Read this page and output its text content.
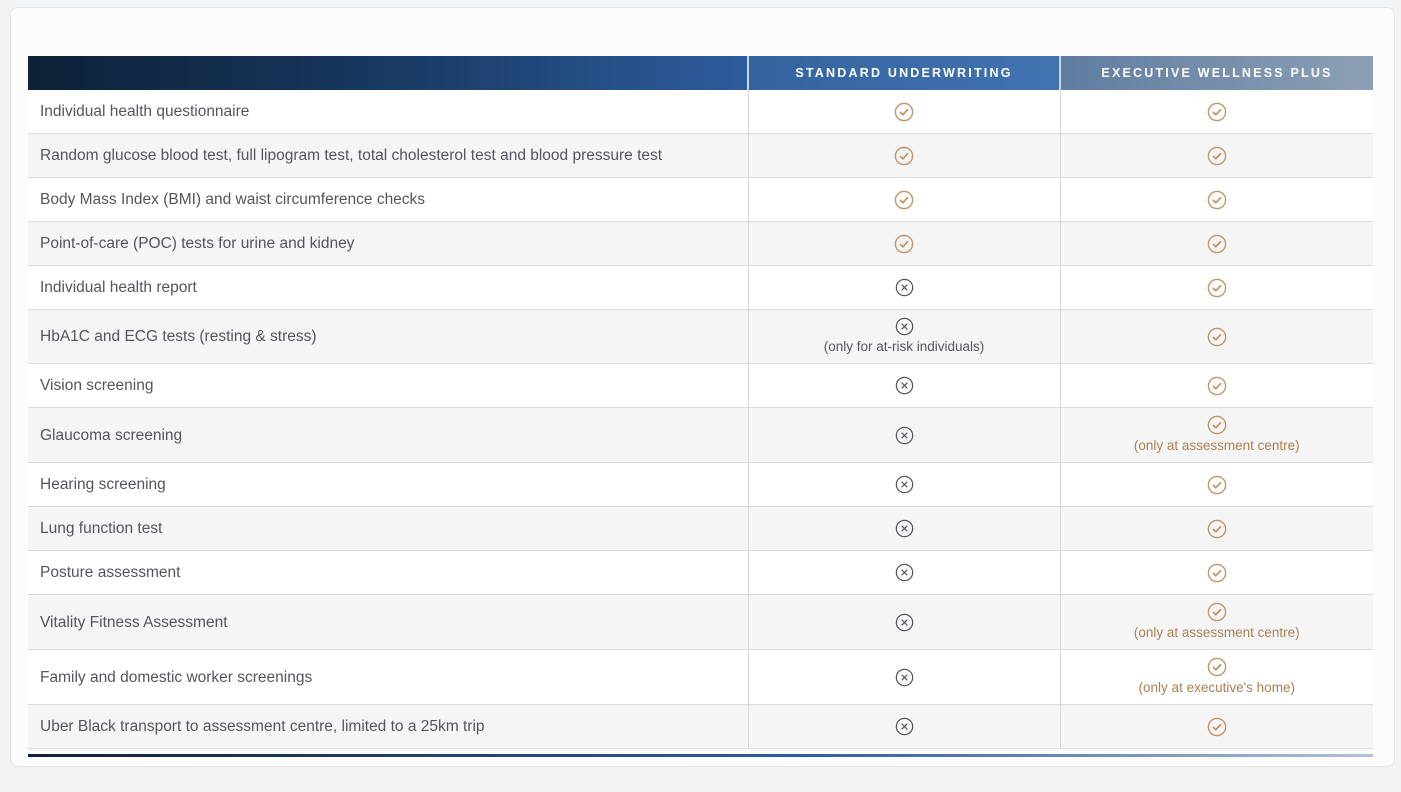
	STANDARD UNDERWRITING	EXECUTIVE WELLNESS PLUS
Individual health questionnaire		
Random glucose blood test, full lipogram test, total cholesterol test and blood pressure test		
Body Mass Index (BMI) and waist circumference checks		
Point-of-care (POC) tests for urine and kidney		
Individual health report		
HbA1C and ECG tests (resting & stress)	(only for at-risk individuals)

Vision screening		
Glaucoma screening		(only at assessment centre)

Hearing screening		
Lung function test		
Posture assessment		
Vitality Fitness Assessment		(only at assessment centre)

Family and domestic worker screenings		(only at executive's home)

Uber Black transport to assessment centre, limited to a 25km trip		
